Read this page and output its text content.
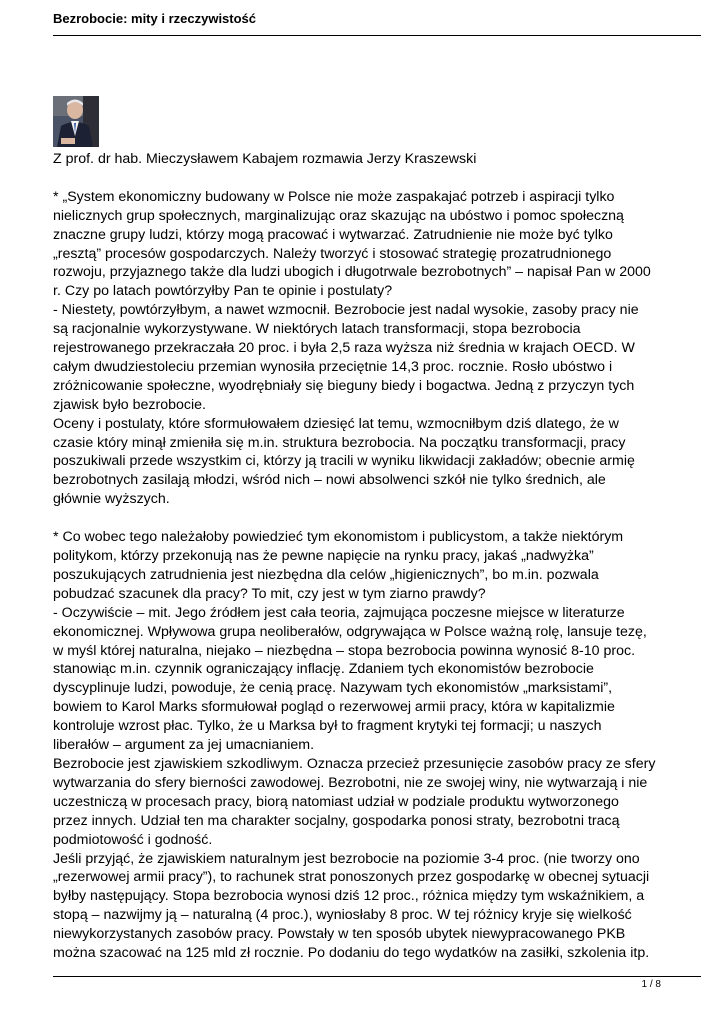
Bezrobocie: mity i rzeczywistość

Z prof. dr hab. Mieczysławem Kabajem rozmawia Jerzy Kraszewski

* „System ekonomiczny budowany w Polsce nie może zaspakajać potrzeb i aspiracji tylko
nielicznych grup społecznych, marginalizując oraz skazując na ubóstwo i pomoc społeczną
znaczne grupy ludzi, którzy mogą pracować i wytwarzać. Zatrudnienie nie może być tylko
„resztą” procesów gospodarczych. Należy tworzyć i stosować strategię prozatrudnionego
rozwoju, przyjaznego także dla ludzi ubogich i długotrwale bezrobotnych” – napisał Pan w 2000
r. Czy po latach powtórzyłby Pan te opinie i postulaty?
- Niestety, powtórzyłbym, a nawet wzmocnił. Bezrobocie jest nadal wysokie, zasoby pracy nie
są racjonalnie wykorzystywane. W niektórych latach transformacji, stopa bezrobocia
rejestrowanego przekraczała 20 proc. i była 2,5 raza wyższa niż średnia w krajach OECD. W
całym dwudziestoleciu przemian wynosiła przeciętnie 14,3 proc. rocznie. Rosło ubóstwo i
zróżnicowanie społeczne, wyodrębniały się bieguny biedy i bogactwa. Jedną z przyczyn tych
zjawisk było bezrobocie.
Oceny i postulaty, które sformułowałem dziesięć lat temu, wzmocniłbym dziś dlatego, że w
czasie który minął zmieniła się m.in. struktura bezrobocia. Na początku transformacji, pracy
poszukiwali przede wszystkim ci, którzy ją tracili w wyniku likwidacji zakładów; obecnie armię
bezrobotnych zasilają młodzi, wśród nich – nowi absolwenci szkół nie tylko średnich, ale
głównie wyższych.

* Co wobec tego należałoby powiedzieć tym ekonomistom i publicystom, a także niektórym
politykom, którzy przekonują nas że pewne napięcie na rynku pracy, jakaś „nadwyżka”
poszukujących zatrudnienia jest niezbędna dla celów „higienicznych”, bo m.in. pozwala
pobudzać szacunek dla pracy? To mit, czy jest w tym ziarno prawdy?
- Oczywiście – mit. Jego źródłem jest cała teoria, zajmująca poczesne miejsce w literaturze
ekonomicznej. Wpływowa grupa neoliberałów, odgrywająca w Polsce ważną rolę, lansuje tezę,
w myśl której naturalna, niejako – niezbędna – stopa bezrobocia powinna wynosić 8-10 proc.
stanowiąc m.in. czynnik ograniczający inflację. Zdaniem tych ekonomistów bezrobocie
dyscyplinuje ludzi, powoduje, że cenią pracę. Nazywam tych ekonomistów „marksistami”,
bowiem to Karol Marks sformułował pogląd o rezerwowej armii pracy, która w kapitalizmie
kontroluje wzrost płac. Tylko, że u Marksa był to fragment krytyki tej formacji; u naszych
liberałów – argument za jej umacnianiem.
Bezrobocie jest zjawiskiem szkodliwym. Oznacza przecież przesunięcie zasobów pracy ze sfery
wytwarzania do sfery bierności zawodowej. Bezrobotni, nie ze swojej winy, nie wytwarzają i nie
uczestniczą w procesach pracy, biorą natomiast udział w podziale produktu wytworzonego
przez innych. Udział ten ma charakter socjalny, gospodarka ponosi straty, bezrobotni tracą
podmiotowość i godność.
Jeśli przyjąć, że zjawiskiem naturalnym jest bezrobocie na poziomie 3-4 proc. (nie tworzy ono
„rezerwowej armii pracy”), to rachunek strat ponoszonych przez gospodarkę w obecnej sytuacji
byłby następujący. Stopa bezrobocia wynosi dziś 12 proc., różnica między tym wskaźnikiem, a
stopą – nazwijmy ją – naturalną (4 proc.), wyniosłaby 8 proc. W tej różnicy kryje się wielkość
niewykorzystanych zasobów pracy. Powstały w ten sposób ubytek niewypracowanego PKB
można szacować na 125 mld zł rocznie. Po dodaniu do tego wydatków na zasiłki, szkolenia itp.
1 / 8
